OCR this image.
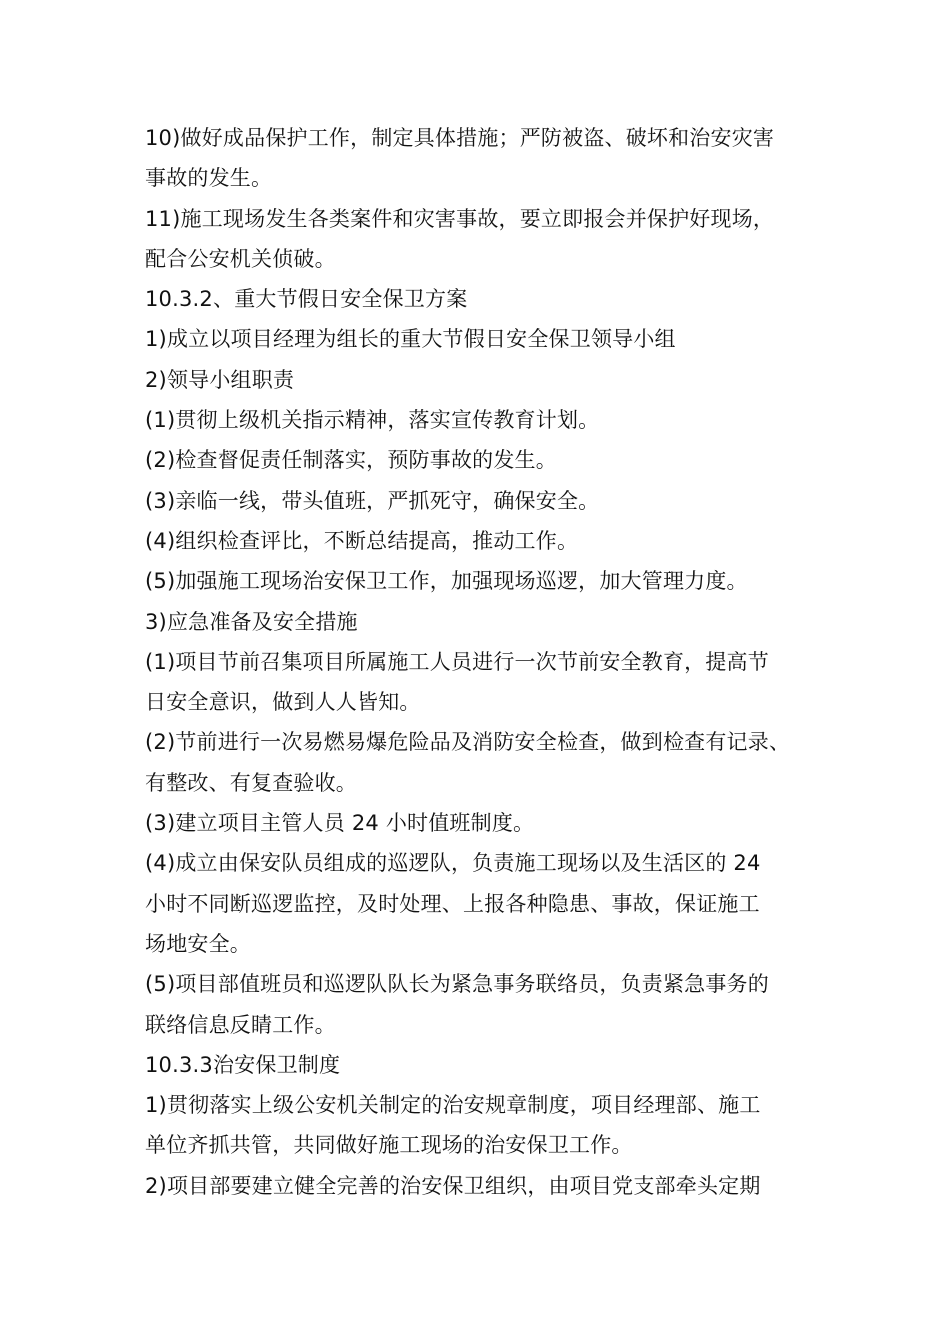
10)做好成品保护工作，制定具体措施；严防被盗、破坏和治安灾害
事故的发生。
11)施工现场发生各类案件和灾害事故，要立即报会并保护好现场，
配合公安机关侦破。
10.3.2、重大节假日安全保卫方案
1)成立以项目经理为组长的重大节假日安全保卫领导小组
2)领导小组职责
(1)贯彻上级机关指示精神，落实宣传教育计划。
(2)检查督促责任制落实，预防事故的发生。
(3)亲临一线，带头值班，严抓死守，确保安全。
(4)组织检查评比，不断总结提高，推动工作。
(5)加强施工现场治安保卫工作，加强现场巡逻，加大管理力度。
3)应急准备及安全措施
(1)项目节前召集项目所属施工人员进行一次节前安全教育，提高节
日安全意识，做到人人皆知。
(2)节前进行一次易燃易爆危险品及消防安全检查，做到检查有记录、
有整改、有复查验收。
(3)建立项目主管人员 24 小时值班制度。
(4)成立由保安队员组成的巡逻队，负责施工现场以及生活区的 24
小时不同断巡逻监控，及时处理、上报各种隐患、事故，保证施工
场地安全。
(5)项目部值班员和巡逻队队长为紧急事务联络员，负责紧急事务的
联络信息反睛工作。
10.3.3治安保卫制度
1)贯彻落实上级公安机关制定的治安规章制度，项目经理部、施工
单位齐抓共管，共同做好施工现场的治安保卫工作。
2)项目部要建立健全完善的治安保卫组织，由项目党支部牵头定期
